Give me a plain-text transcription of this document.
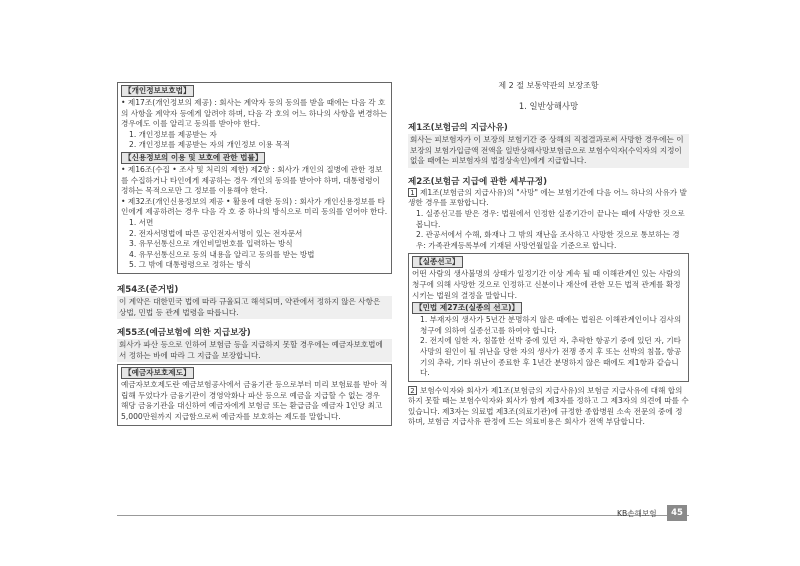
【개인정보보호법】
• 제17조(개인정보의 제공) : 회사는 계약자 등의 동의를 받을 때에는 다음 각 호의 사항을 계약자 등에게 알려야 하며, 다음 각 호의 어느 하나의 사항을 변경하는 경우에도 이를 알리고 동의를 받아야 한다.
1. 개인정보를 제공받는 자
2. 개인정보를 제공받는 자의 개인정보 이용 목적
【신용정보의 이용 및 보호에 관한 법률】
• 제16조(수집 • 조사 및 처리의 제한) 제2항 : 회사가 개인의 질병에 관한 정보를 수집하거나 타인에게 제공하는 경우 개인의 동의를 받아야 하며, 대통령령이 정하는 목적으로만 그 정보를 이용해야 한다.
• 제32조(개인신용정보의 제공 • 활용에 대한 동의) : 회사가 개인신용정보를 타인에게 제공하려는 경우 다음 각 호 중 하나의 방식으로 미리 동의를 얻어야 한다.
1. 서면
2. 전자서명법에 따른 공인전자서명이 있는 전자문서
3. 유무선통신으로 개인비밀번호를 입력하는 방식
4. 유무선통신으로 동의 내용을 알리고 동의를 받는 방법
5. 그 밖에 대통령령으로 정하는 방식
제54조(준거법)
이 계약은 대한민국 법에 따라 규율되고 해석되며, 약관에서 정하지 않은 사항은 상법, 민법 등 관계 법령을 따릅니다.
제55조(예금보험에 의한 지급보장)
회사가 파산 등으로 인하여 보험금 등을 지급하지 못할 경우에는 예금자보호법에서 정하는 바에 따라 그 지급을 보장합니다.
【예금자보호제도】
예금자보호제도란 예금보험공사에서 금융기관 등으로부터 미리 보험료를 받아 적립해 두었다가 금융기관이 경영악화나 파산 등으로 예금을 지급할 수 없는 경우 해당 금융기관을 대신하여 예금자에게 보험금 또는 환급금을 예금자 1인당 최고 5,000만원까지 지급함으로써 예금자를 보호하는 제도를 말합니다.
제 2 절 보통약관의 보장조항
1. 일반상해사망
제1조(보험금의 지급사유)
회사는 피보험자가 이 보장의 보험기간 중 상해의 직접결과로써 사망한 경우에는 이 보장의 보험가입금액 전액을 일반상해사망보험금으로 보험수익자(수익자의 지정이 없을 때에는 피보험자의 법정상속인)에게 지급합니다.
제2조(보험금 지급에 관한 세부규정)
1 제1조(보험금의 지급사유)의 "사망" 에는 보험기간에 다음 어느 하나의 사유가 발생한 경우를 포함합니다.
1. 실종선고를 받은 경우: 법원에서 인정한 실종기간이 끝나는 때에 사망한 것으로 봅니다.
2. 관공서에서 수해, 화재나 그 밖의 재난을 조사하고 사망한 것으로 통보하는 경우: 가족관계등록부에 기재된 사망연월일을 기준으로 합니다.
【실종선고】
어떤 사람의 생사불명의 상태가 일정기간 이상 계속 될 때 이해관계인 있는 사람의 청구에 의해 사망한 것으로 인정하고 신분이나 재산에 관한 모든 법적 관계를 확정시키는 법원의 결정을 말합니다.
【민법 제27조(실종의 선고)】
1. 부재자의 생사가 5년간 분명하지 않은 때에는 법원은 이해관계인이나 검사의 청구에 의하여 실종선고를 하여야 합니다.
2. 전지에 임한 자, 침몰한 선박 중에 있던 자, 추락한 항공기 중에 있던 자, 기타 사망의 원인이 될 위난을 당한 자의 생사가 전쟁 종지 후 또는 선박의 침몰, 항공기의 추락, 기타 위난이 종료한 후 1년간 분명하지 않은 때에도 제1항과 같습니다.
2 보험수익자와 회사가 제1조(보험금의 지급사유)의 보험금 지급사유에 대해 합의하지 못할 때는 보험수익자와 회사가 함께 제3자를 정하고 그 제3자의 의견에 따를 수 있습니다. 제3자는 의료법 제3조(의료기관)에 규정한 종합병원 소속 전문의 중에 정하며, 보험금 지급사유 판정에 드는 의료비용은 회사가 전액 부담합니다.
KB손해보험	45
